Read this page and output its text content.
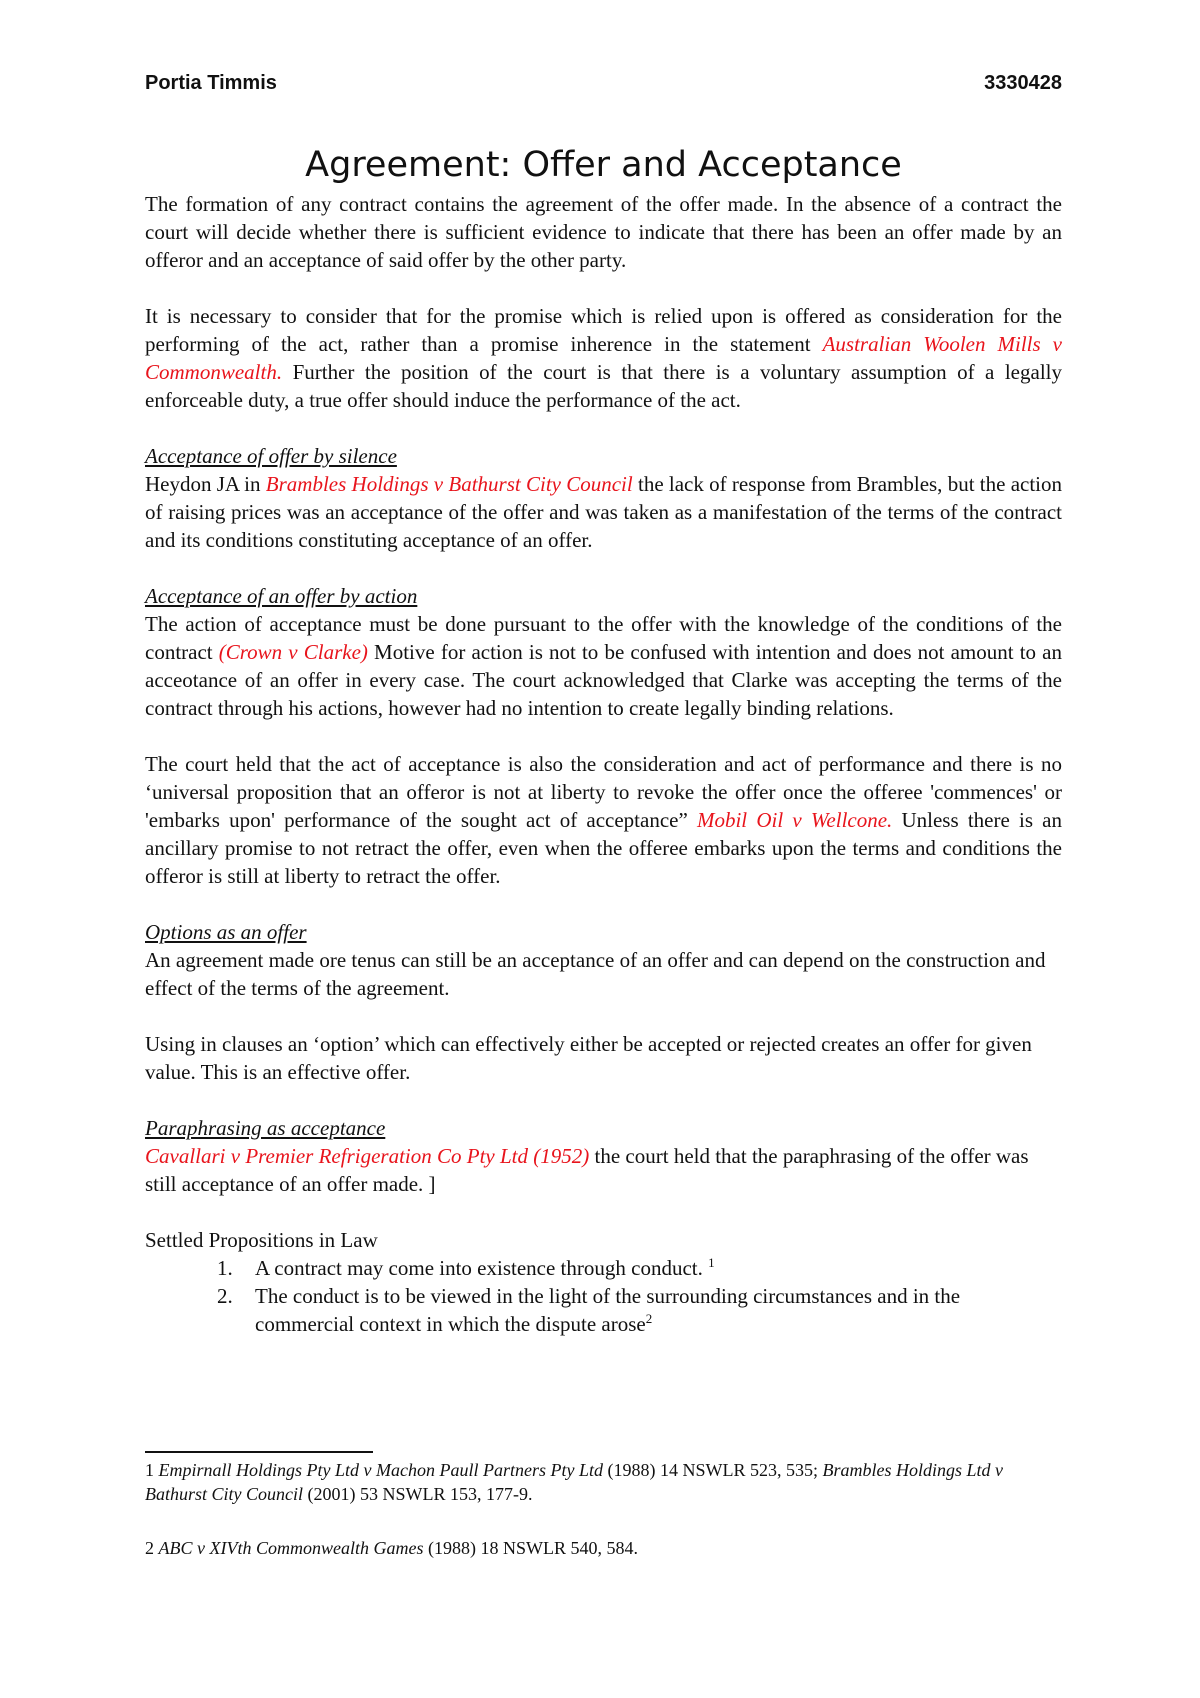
Portia Timmis	3330428
Agreement: Offer and Acceptance

The formation of any contract contains the agreement of the offer made. In the absence of a contract the court will decide whether there is sufficient evidence to indicate that there has been an offer made by an offeror and an acceptance of said offer by the other party.

It is necessary to consider that for the promise which is relied upon is offered as consideration for the performing of the act, rather than a promise inherence in the statement Australian Woolen Mills v Commonwealth. Further the position of the court is that there is a voluntary assumption of a legally enforceable duty, a true offer should induce the performance of the act.

Acceptance of offer by silence
Heydon JA in Brambles Holdings v Bathurst City Council the lack of response from Brambles, but the action of raising prices was an acceptance of the offer and was taken as a manifestation of the terms of the contract and its conditions constituting acceptance of an offer.

Acceptance of an offer by action
The action of acceptance must be done pursuant to the offer with the knowledge of the conditions of the contract (Crown v Clarke) Motive for action is not to be confused with intention and does not amount to an acceotance of an offer in every case. The court acknowledged that Clarke was accepting the terms of the contract through his actions, however had no intention to create legally binding relations.

The court held that the act of acceptance is also the consideration and act of performance and there is no ‘universal proposition that an offeror is not at liberty to revoke the offer once the offeree 'commences' or 'embarks upon' performance of the sought act of acceptance” Mobil Oil v Wellcone. Unless there is an ancillary promise to not retract the offer, even when the offeree embarks upon the terms and conditions the offeror is still at liberty to retract the offer.

Options as an offer
An agreement made ore tenus can still be an acceptance of an offer and can depend on the construction and effect of the terms of the agreement.

Using in clauses an ‘option’ which can effectively either be accepted or rejected creates an offer for given value. This is an effective offer.

Paraphrasing as acceptance
Cavallari v Premier Refrigeration Co Pty Ltd (1952) the court held that the paraphrasing of the offer was still acceptance of an offer made. ]

Settled Propositions in Law

1. A contract may come into existence through conduct. $^1$
2. The conduct is to be viewed in the light of the surrounding circumstances and in the commercial context in which the dispute arose$^2$

1 Empirnall Holdings Pty Ltd v Machon Paull Partners Pty Ltd (1988) 14 NSWLR 523, 535; Brambles Holdings Ltd v Bathurst City Council (2001) 53 NSWLR 153, 177-9.

2 ABC v XIVth Commonwealth Games (1988) 18 NSWLR 540, 584.
